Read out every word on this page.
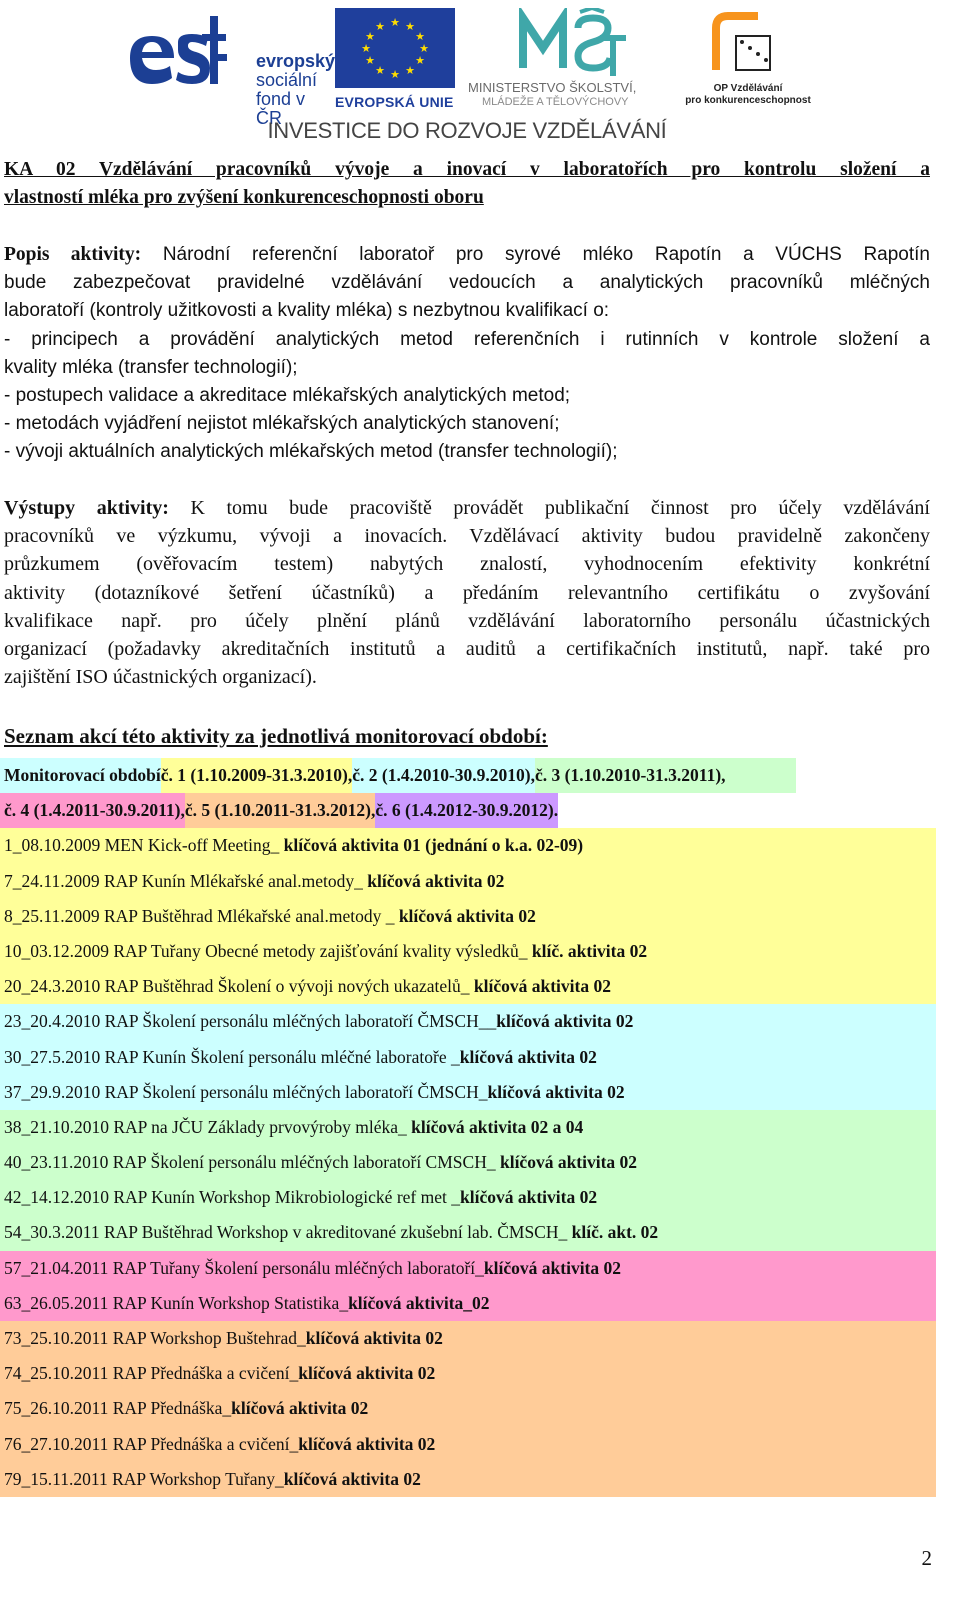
evropský
sociální
fond v ČR
★ ★
★
★
★
★
★
★
★
★
★
★
EVROPSKÁ UNIE
MINISTERSTVO ŠKOLSTVÍ,
MLÁDEŽE A TĚLOVÝCHOVY
OP Vzdělávání
pro konkurenceschopnost
INVESTICE DO ROZVOJE VZDĚLÁVÁNÍ
KA 02 Vzdělávání pracovníků vývoje a inovací v laboratořích pro kontrolu složení a
vlastností mléka pro zvýšení konkurenceschopnosti oboru
Popis aktivity: Národní referenční laboratoř pro syrové mléko Rapotín a VÚCHS Rapotín
bude zabezpečovat pravidelné vzdělávání vedoucích a analytických pracovníků mléčných
laboratoří (kontroly užitkovosti a kvality mléka) s nezbytnou kvalifikací o:
- principech a provádění analytických metod referenčních i rutinních v kontrole složení a
kvality mléka (transfer technologií);
- postupech validace a akreditace mlékařských analytických metod;
- metodách vyjádření nejistot mlékařských analytických stanovení;
- vývoji aktuálních analytických mlékařských metod (transfer technologií);
Výstupy aktivity: K tomu bude pracoviště provádět publikační činnost pro účely vzdělávání
pracovníků ve výzkumu, vývoji a inovacích. Vzdělávací aktivity budou pravidelně zakončeny
průzkumem (ověřovacím testem) nabytých znalostí, vyhodnocením efektivity konkrétní
aktivity (dotazníkové šetření účastníků) a předáním relevantního certifikátu o zvyšování
kvalifikace např. pro účely plnění plánů vzdělávání laboratorního personálu účastnických
organizací (požadavky akreditačních institutů a auditů a certifikačních institutů, např. také pro
zajištění ISO účastnických organizací).
Seznam akcí této aktivity za jednotlivá monitorovací období:
Monitorovací obdobíč. 1 (1.10.2009-31.3.2010),č. 2 (1.4.2010-30.9.2010),č. 3 (1.10.2010-31.3.2011),
č. 4 (1.4.2011-30.9.2011),č. 5 (1.10.2011-31.3.2012),č. 6 (1.4.2012-30.9.2012).
1_08.10.2009 MEN Kick-off Meeting_ klíčová aktivita 01 (jednání o k.a. 02-09)
7_24.11.2009 RAP Kunín Mlékařské anal.metody_ klíčová aktivita 02
8_25.11.2009 RAP Buštěhrad Mlékařské anal.metody _ klíčová aktivita 02
10_03.12.2009 RAP Tuřany Obecné metody zajišťování kvality výsledků_ klíč. aktivita 02
20_24.3.2010 RAP Buštěhrad Školení o vývoji nových ukazatelů_ klíčová aktivita 02
23_20.4.2010 RAP Školení personálu mléčných laboratoří ČMSCH__klíčová aktivita 02
30_27.5.2010 RAP Kunín Školení personálu mléčné laboratoře _klíčová aktivita 02
37_29.9.2010 RAP Školení personálu mléčných laboratoří ČMSCH_klíčová aktivita 02
38_21.10.2010 RAP na JČU Základy prvovýroby mléka_ klíčová aktivita 02 a 04
40_23.11.2010 RAP Školení personálu mléčných laboratoří CMSCH_ klíčová aktivita 02
42_14.12.2010 RAP Kunín Workshop Mikrobiologické ref met _klíčová aktivita 02
54_30.3.2011 RAP Buštěhrad Workshop v akreditované zkušební lab. ČMSCH_ klíč. akt. 02
57_21.04.2011 RAP Tuřany Školení personálu mléčných laboratoří_klíčová aktivita 02
63_26.05.2011 RAP Kunín Workshop Statistika_klíčová aktivita_02
73_25.10.2011 RAP Workshop Buštehrad_klíčová aktivita 02
74_25.10.2011 RAP Přednáška a cvičení_klíčová aktivita 02
75_26.10.2011 RAP Přednáška_klíčová aktivita 02
76_27.10.2011 RAP Přednáška a cvičení_klíčová aktivita 02
79_15.11.2011 RAP Workshop Tuřany_klíčová aktivita 02
2
